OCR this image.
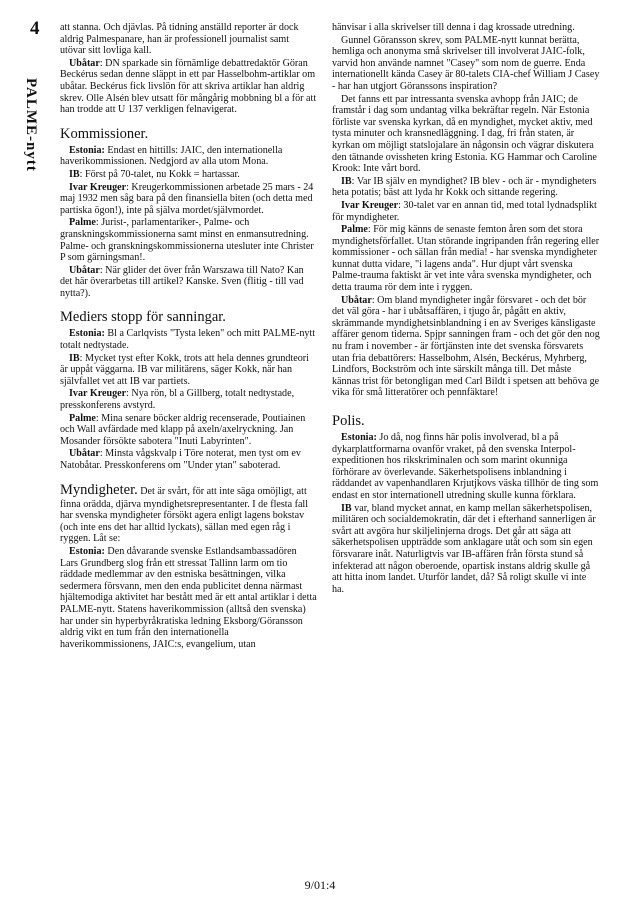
4
PALME-nytt

att stanna. Och djävlas. På tidning anställd reporter är dock aldrig Palmespanare, han är professionell journalist samt utövar sitt lovliga kall.

Ubåtar: DN sparkade sin förnämlige debattredaktör Göran Beckérus sedan denne släppt in ett par Hasselbohm-artiklar om ubåtar. Beckérus fick livslön för att skriva artiklar han aldrig skrev. Olle Alsén blev utsatt för mångårig mobbning bl a för att han trodde att U 137 verkligen felnavigerat.

Kommissioner.

Estonia: Endast en hittills: JAIC, den internationella haverikommissionen. Nedgjord av alla utom Mona.

IB: Först på 70-talet, nu Kokk = hartassar.

Ivar Kreuger: Kreugerkommissionen arbetade 25 mars - 24 maj 1932 men såg bara på den finansiella biten (och detta med partiska ögon!), inte på själva mordet/självmordet.

Palme: Jurist-, parlamentariker-, Palme- och granskningskommissionerna samt minst en enmansutredning. Palme- och granskningskommissionerna utesluter inte Christer P som gärningsman!.

Ubåtar: När glider det över från Warszawa till Nato? Kan det här överarbetas till artikel? Kanske. Sven (flitig - till vad nytta?).

Mediers stopp för sanningar.

Estonia: Bl a Carlqvists "Tysta leken" och mitt PALME-nytt totalt nedtystade.

IB: Mycket tyst efter Kokk, trots att hela dennes grundteori är uppåt väggarna. IB var militärens, säger Kokk, när han självfallet vet att IB var partiets.

Ivar Kreuger: Nya rön, bl a Gillberg, totalt nedtystade, presskonferens avstyrd.

Palme: Mina senare böcker aldrig recenserade, Poutiainen och Wall avfärdade med klapp på axeln/axelryckning. Jan Mosander försökte sabotera "Inuti Labyrinten".

Ubåtar: Minsta vågskvalp i Töre noterat, men tyst om ev Natobåtar. Presskonferens om "Under ytan" saboterad.

Myndigheter. Det är svårt, för att inte säga omöjligt, att finna orädda, djärva myndighetsrepresentanter. I de flesta fall har svenska myndigheter försökt agera enligt lagens bokstav (och inte ens det har alltid lyckats), sällan med egen råg i ryggen. Låt se:

Estonia: Den dåvarande svenske Estlandsambassadören Lars Grundberg slog från ett stressat Tallinn larm om tio räddade medlemmar av den estniska besättningen, vilka sedermera försvann, men den enda publicitet denna närmast hjältemodiga aktivitet har bestått med är ett antal artiklar i detta PALME-nytt. Statens haverikommission (alltså den svenska) har under sin hyperbyråkratiska ledning Eksborg/Göransson aldrig vikt en tum från den internationella haverikommissionens, JAIC:s, evangelium, utan

hänvisar i alla skrivelser till denna i dag krossade utredning.

Gunnel Göransson skrev, som PALME-nytt kunnat berätta, hemliga och anonyma små skrivelser till involverat JAIC-folk, varvid hon använde namnet "Casey" som nom de guerre. Enda internationellt kända Casey är 80-talets CIA-chef William J Casey - har han utgjort Göranssons inspiration?

Det fanns ett par intressanta svenska avhopp från JAIC; de framstår i dag som undantag vilka bekräftar regeln. När Estonia förliste var svenska kyrkan, då en myndighet, mycket aktiv, med tysta minuter och kransnedläggning. I dag, fri från staten, är kyrkan om möjligt statslojalare än någonsin och vägrar diskutera den tätnande ovissheten kring Estonia. KG Hammar och Caroline Krook: Inte vårt bord.

IB: Var IB själv en myndighet? IB blev - och är - myndigheters heta potatis; bäst att lyda hr Kokk och sittande regering.

Ivar Kreuger: 30-talet var en annan tid, med total lydnadsplikt för myndigheter.

Palme: För mig känns de senaste femton åren som det stora myndighetsförfallet. Utan störande ingripanden från regering eller kommissioner - och sällan från media! - har svenska myndigheter kunnat dutta vidare, "i lagens anda". Hur djupt vårt svenska Palme-trauma faktiskt är vet inte våra svenska myndigheter, och detta trauma rör dem inte i ryggen.

Ubåtar: Om bland myndigheter ingår försvaret - och det bör det väl göra - har i ubåtsaffären, i tjugo år, pågått en aktiv, skrämmande myndighetsinblandning i en av Sveriges känsligaste affärer genom tiderna. Spjpr sanningen fram - och det gör den nog nu fram i november - är förtjänsten inte det svenska försvarets utan fria debattörers: Hasselbohm, Alsén, Beckérus, Myhrberg, Lindfors, Bockström och inte särskilt många till. Det måste kännas trist för betongligan med Carl Bildt i spetsen att behöva ge vika för små litteratörer och pennfäktare!

Polis.

Estonia: Jo då, nog finns här polis involverad, bl a på dykarplattformarna ovanför vraket, på den svenska Interpol-expeditionen hos rikskriminalen och som marint okunniga förhörare av överlevande. Säkerhetspolisens inblandning i räddandet av vapenhandlaren Krjutjkovs väska tillhör de ting som endast en stor internationell utredning skulle kunna förklara.

IB var, bland mycket annat, en kamp mellan säkerhetspolisen, militären och socialdemokratin, där det i efterhand sannerligen är svårt att avgöra hur skiljelinjerna drogs. Det går att säga att säkerhetspolisen uppträdde som anklagare utåt och som sin egen försvarare inåt. Naturligtvis var IB-affären från första stund så infekterad att någon oberoende, opartisk instans aldrig skulle gå att hitta inom landet. Uturför landet, då? Så roligt skulle vi inte ha.

9/01:4
